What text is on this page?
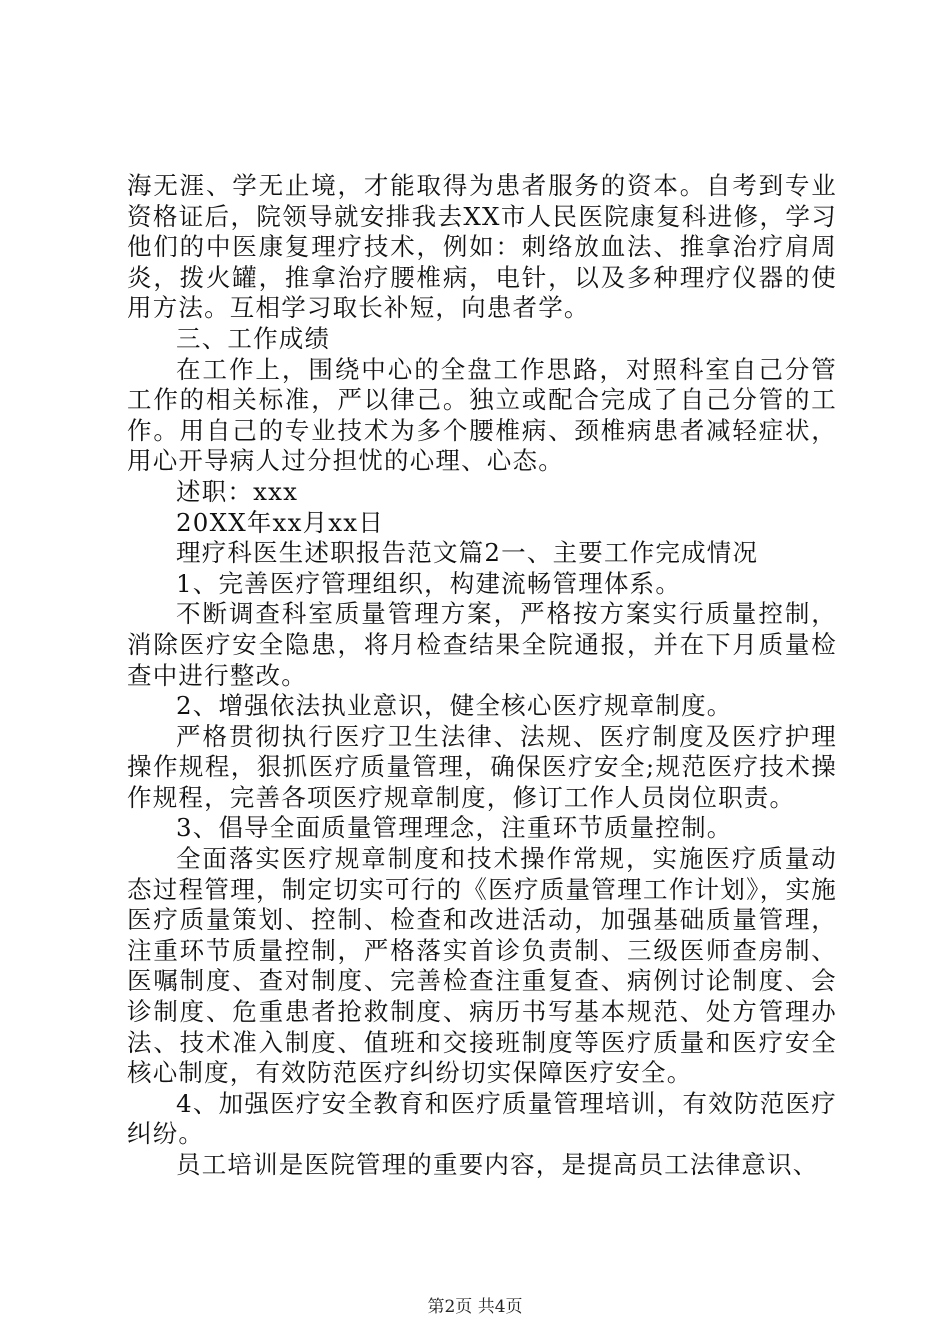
海无涯、学无止境，才能取得为患者服务的资本。自考到专业资格证后，院领导就安排我去XX市人民医院康复科进修，学习他们的中医康复理疗技术，例如：刺络放血法、推拿治疗肩周炎，拨火罐，推拿治疗腰椎病，电针，以及多种理疗仪器的使用方法。互相学习取长补短，向患者学。

三、工作成绩

在工作上，围绕中心的全盘工作思路，对照科室自己分管工作的相关标准，严以律己。独立或配合完成了自己分管的工作。用自己的专业技术为多个腰椎病、颈椎病患者减轻症状，用心开导病人过分担忧的心理、心态。

述职：xxx

20XX年xx月xx日

理疗科医生述职报告范文篇2一、主要工作完成情况

1、完善医疗管理组织，构建流畅管理体系。

不断调查科室质量管理方案，严格按方案实行质量控制，消除医疗安全隐患，将月检查结果全院通报，并在下月质量检查中进行整改。

2、增强依法执业意识，健全核心医疗规章制度。

严格贯彻执行医疗卫生法律、法规、医疗制度及医疗护理操作规程，狠抓医疗质量管理，确保医疗安全;规范医疗技术操作规程，完善各项医疗规章制度，修订工作人员岗位职责。

3、倡导全面质量管理理念，注重环节质量控制。

全面落实医疗规章制度和技术操作常规，实施医疗质量动态过程管理，制定切实可行的《医疗质量管理工作计划》，实施医疗质量策划、控制、检查和改进活动，加强基础质量管理，注重环节质量控制，严格落实首诊负责制、三级医师查房制、医嘱制度、查对制度、完善检查注重复查、病例讨论制度、会诊制度、危重患者抢救制度、病历书写基本规范、处方管理办法、技术准入制度、值班和交接班制度等医疗质量和医疗安全核心制度，有效防范医疗纠纷切实保障医疗安全。

4、加强医疗安全教育和医疗质量管理培训，有效防范医疗纠纷。

员工培训是医院管理的重要内容，是提高员工法律意识、

第2页 共4页
